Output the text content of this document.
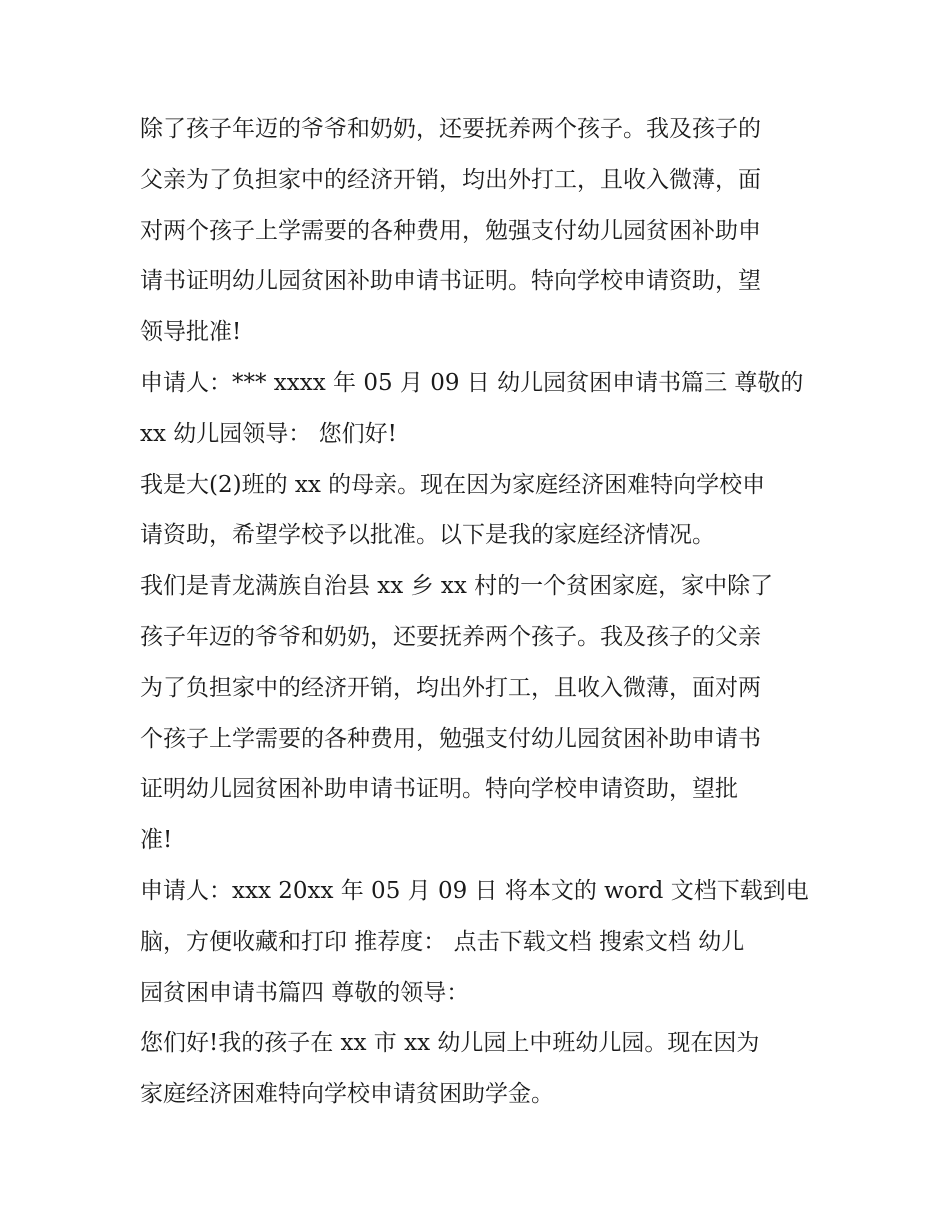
除了孩子年迈的爷爷和奶奶，还要抚养两个孩子。我及孩子的
父亲为了负担家中的经济开销，均出外打工，且收入微薄，面
对两个孩子上学需要的各种费用，勉强支付幼儿园贫困补助申
请书证明幼儿园贫困补助申请书证明。特向学校申请资助，望
领导批准!

申请人：*** xxxx 年 05 月 09 日 幼儿园贫困申请书篇三 尊敬的
xx 幼儿园领导： 您们好!

我是大(2)班的 xx 的母亲。现在因为家庭经济困难特向学校申
请资助，希望学校予以批准。以下是我的家庭经济情况。

我们是青龙满族自治县 xx 乡 xx 村的一个贫困家庭，家中除了
孩子年迈的爷爷和奶奶，还要抚养两个孩子。我及孩子的父亲
为了负担家中的经济开销，均出外打工，且收入微薄，面对两
个孩子上学需要的各种费用，勉强支付幼儿园贫困补助申请书
证明幼儿园贫困补助申请书证明。特向学校申请资助，望批
准!

申请人：xxx 20xx 年 05 月 09 日 将本文的 word 文档下载到电
脑，方便收藏和打印 推荐度： 点击下载文档 搜索文档 幼儿
园贫困申请书篇四 尊敬的领导：

您们好!我的孩子在 xx 市 xx 幼儿园上中班幼儿园。现在因为
家庭经济困难特向学校申请贫困助学金。
